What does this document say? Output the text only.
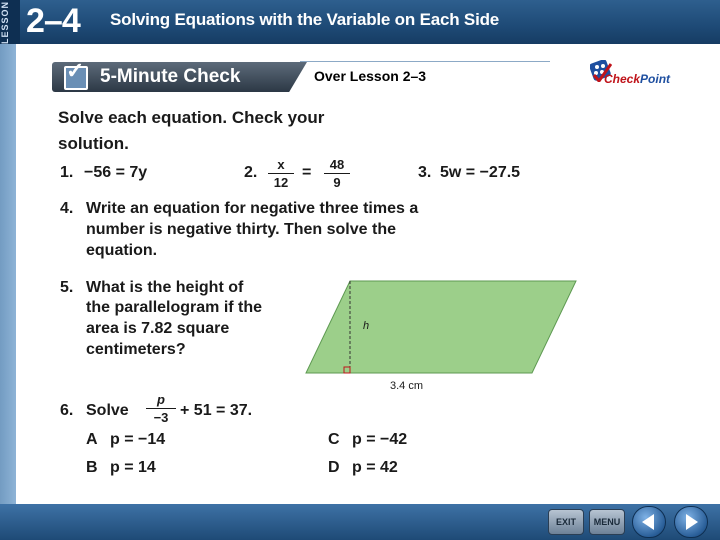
LESSON 2–4 Solving Equations with the Variable on Each Side
✓ 5-Minute Check	Over Lesson 2–3	CheckPoint
Solve each equation. Check your
solution.
1. −56 = 7y	2.	x
12
=	48
9
3. 5w = −27.5
4. Write an equation for negative three times a
number is negative thirty. Then solve the
equation.
5. What is the height of
the parallelogram if the
area is 7.82 square
centimeters?
h
3.4 cm
6. Solve
p
−3 + 51 = 37.
A p = −14	C p = −42
B p = 14	D p = 42
EXIT	MENU
